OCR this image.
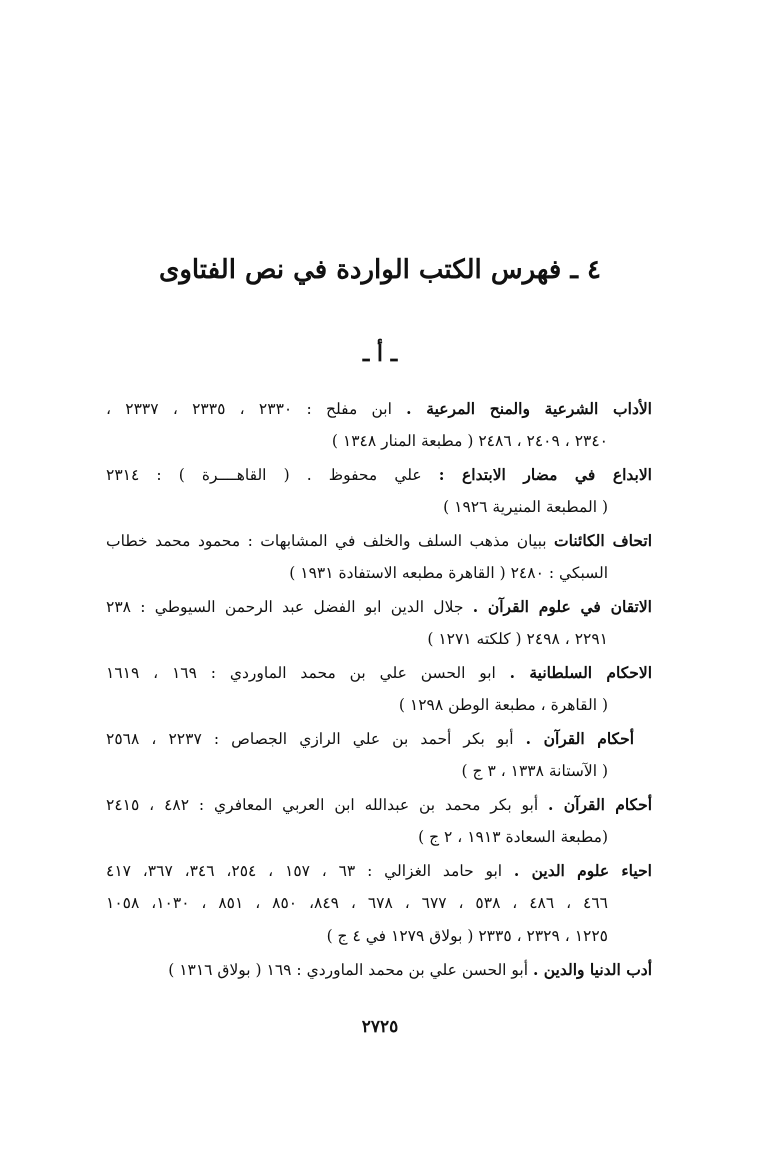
٤ ـ فهرس الكتب الواردة في نص الفتاوى
ـ أ ـ
الأداب الشرعية والمنح المرعية . ابن مفلح : ٢٣٣٠ ، ٢٣٣٥ ، ٢٣٣٧ ،
٢٣٤٠ ، ٢٤٠٩ ، ٢٤٨٦ ( مطبعة المنار ١٣٤٨ )
الابداع في مضار الابتداع : علي محفوظ . ( القاهــــرة ) : ٢٣١٤
( المطبعة المنيرية ١٩٢٦ )
اتحاف الكائنات ببيان مذهب السلف والخلف في المشابهات : محمود محمد خطاب
السبكي : ٢٤٨٠ ( القاهرة مطبعه الاستفادة ١٩٣١ )
الاتقان في علوم القرآن . جلال الدين ابو الفضل عبد الرحمن السيوطي : ٢٣٨
٢٢٩١ ، ٢٤٩٨ ( كلكته ١٢٧١ )
الاحكام السلطانية . ابو الحسن علي بن محمد الماوردي : ١٦٩ ، ١٦١٩
( القاهرة ، مطبعة الوطن ١٢٩٨ )
أحكام القرآن . أبو بكر أحمد بن علي الرازي الجصاص : ٢٢٣٧ ، ٢٥٦٨
( الآستانة ١٣٣٨ ، ٣ ج )
أحكام القرآن . أبو بكر محمد بن عبدالله ابن العربي المعافري : ٤٨٢ ، ٢٤١٥
(مطبعة السعادة ١٩١٣ ، ٢ ج )
احياء علوم الدين . ابو حامد الغزالي : ٦٣ ، ١٥٧ ، ٢٥٤، ٣٤٦، ٣٦٧، ٤١٧
٤٦٦ ، ٤٨٦ ، ٥٣٨ ، ٦٧٧ ، ٦٧٨ ، ٨٤٩، ٨٥٠ ، ٨٥١ ، ١٠٣٠، ١٠٥٨
١٢٢٥ ، ٢٣٢٩ ، ٢٣٣٥ ( بولاق ١٢٧٩ في ٤ ج )
أدب الدنيا والدين . أبو الحسن علي بن محمد الماوردي : ١٦٩ ( بولاق ١٣١٦ )
٢٧٢٥
